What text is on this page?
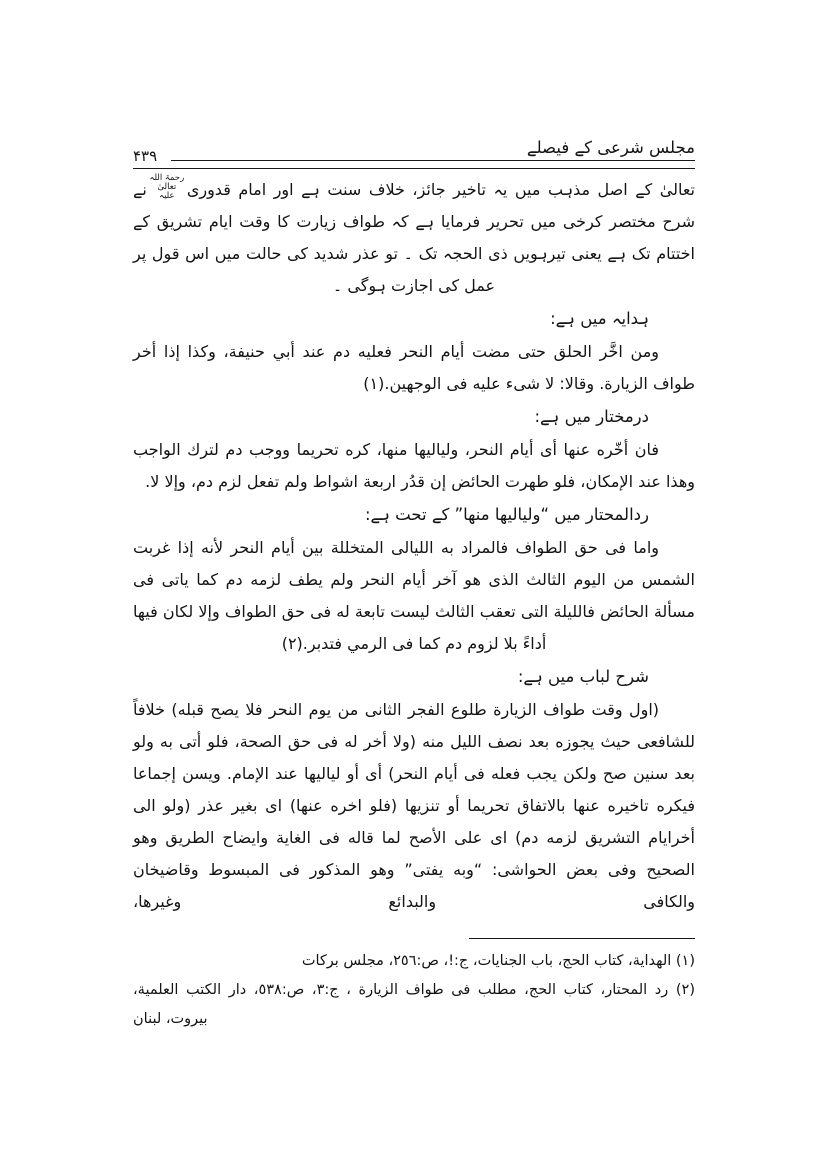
مجلس شرعی کے فیصلے
۴۳۹

تعالیٰ کے اصل مذہب میں یہ تاخیر جائز، خلاف سنت ہے اور امام قدوریرحمۃ اللہ تعالیٰ علیہنے شرح مختصر کرخی میں تحریر فرمایا ہے کہ طواف زیارت کا وقت ایام تشریق کے اختتام تک ہے یعنی تیرہویں ذی الحجہ تک ۔ تو عذر شدید کی حالت میں اس قول پر عمل کی اجازت ہوگی ۔

ہدایہ میں ہے:

ومن اخَّر الحلق حتی مضت أیام النحر فعلیه دم عند أبي حنیفة، وکذا إذا أخر طواف الزیارة. وقالا: لا شیء علیه فی الوجهین.(١)

درمختار میں ہے:

فان أخّره عنها أی أیام النحر، ولیالیها منها، کره تحریما ووجب دم لترك الواجب وهذا عند الإمکان، فلو طهرت الحائض إن قدُر اربعة اشواط ولم تفعل لزم دم، وإلا لا.

ردالمحتار میں “ولیالیها منها” کے تحت ہے:

واما فی حق الطواف فالمراد به اللیالی المتخللة بین أیام النحر لأنه إذا غربت الشمس من الیوم الثالث الذی هو آخر أیام النحر ولم یطف لزمه دم کما یاتی فی مسألة الحائض فاللیلة التی تعقب الثالث لیست تابعة له فی حق الطواف وإلا لکان فیها أداءً بلا لزوم دم کما فی الرمي فتدبر.(٢)

شرح لباب میں ہے:

(اول وقت طواف الزیارة طلوع الفجر الثانی من یوم النحر فلا یصح قبله) خلافاً للشافعی حیث یجوزه بعد نصف اللیل منه (ولا أخر له فی حق الصحة، فلو أتی به ولو بعد سنین صح ولکن یجب فعله فی أیام النحر) أی أو لیالیها عند الإمام. ویسن إجماعا فیکره تاخیره عنها بالاتفاق تحریما أو تنزیها (فلو اخره عنها) ای بغیر عذر (ولو الی أخرایام التشریق لزمه دم) ای علی الأصح لما قاله فی الغایة وایضاح الطریق وهو الصحیح وفی بعض الحواشی: “وبه یفتی” وهو المذکور فی المبسوط وقاضیخان والکافی والبدائع وغیرها،

(١) الهدایة، کتاب الحج، باب الجنایات، ج:!، ص:٢٥٦، مجلس برکات

(٢) رد المحتار، کتاب الحج، مطلب فی طواف الزیارة ، ج:٣، ص:٥٣٨، دار الکتب العلمیة، بیروت، لبنان
